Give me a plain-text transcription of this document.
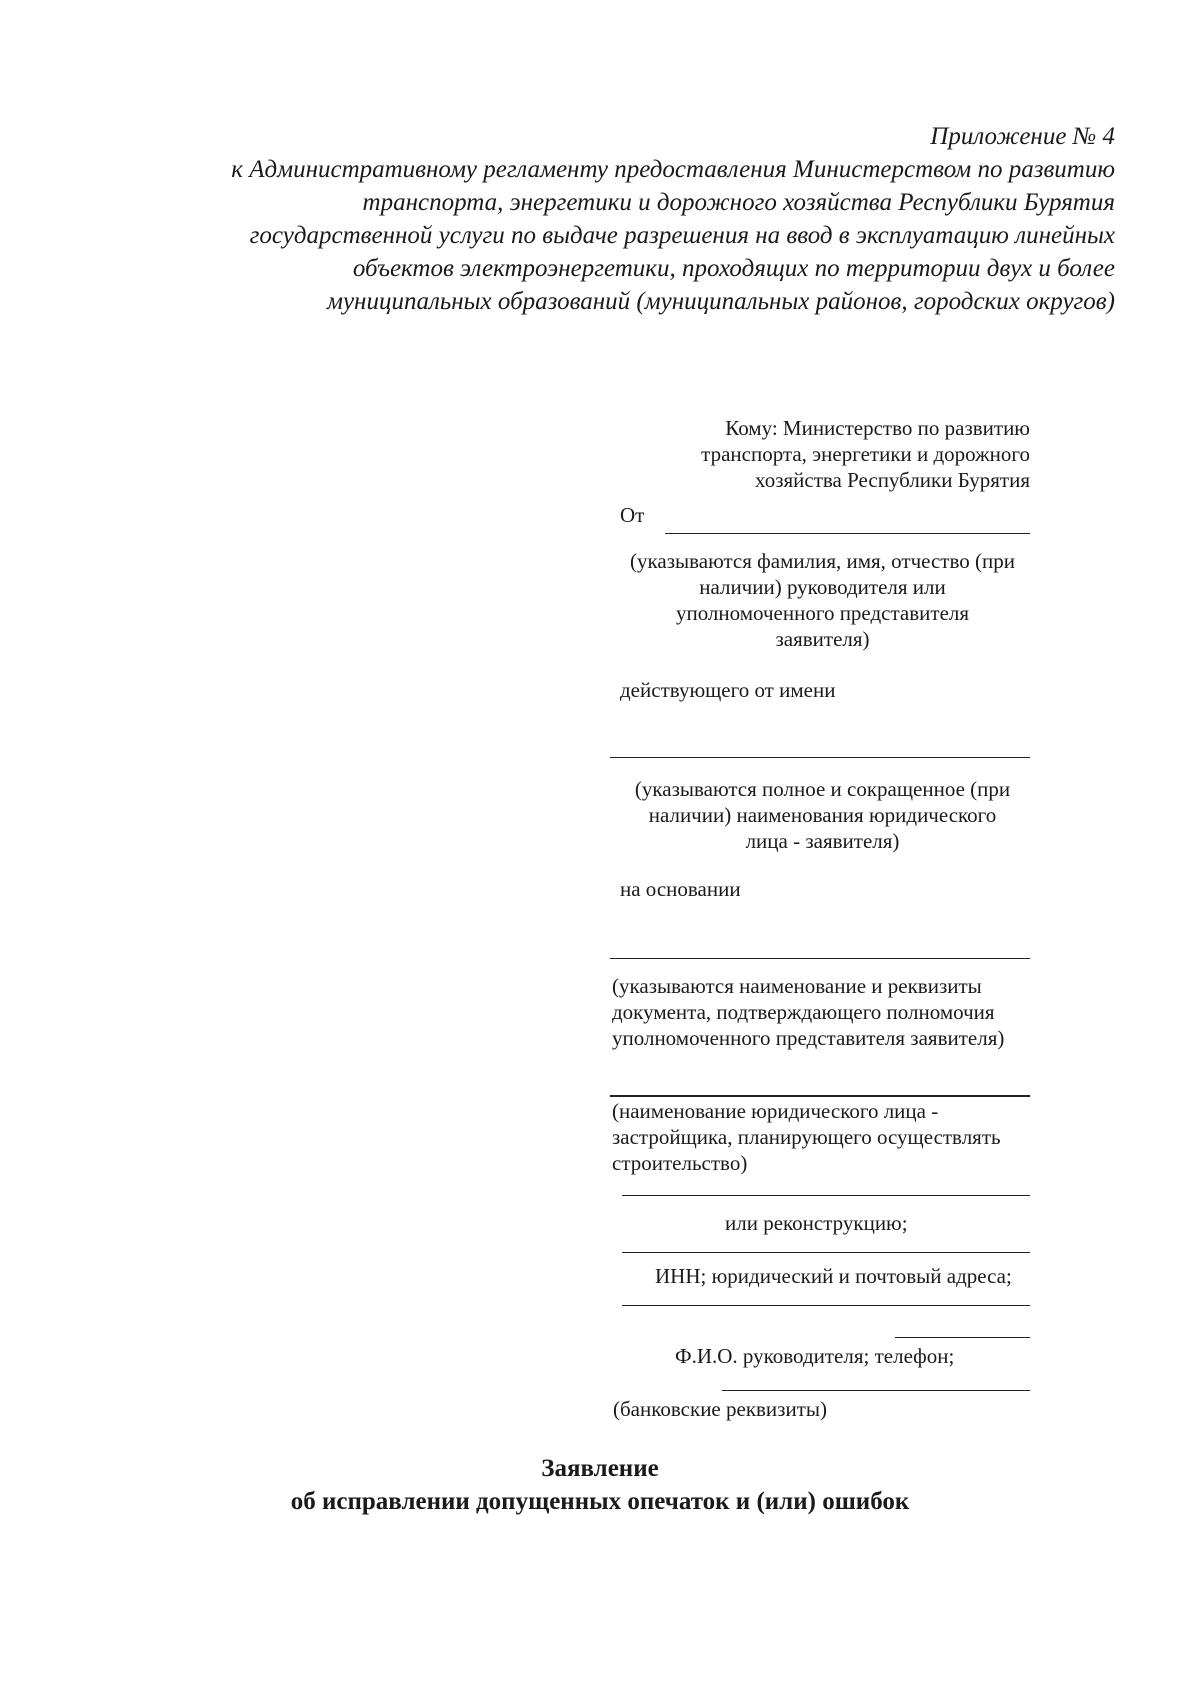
Приложение № 4
к Административному регламенту предоставления Министерством по развитию транспорта, энергетики и дорожного хозяйства Республики Бурятия государственной услуги по выдаче разрешения на ввод в эксплуатацию линейных объектов электроэнергетики, проходящих по территории двух и более муниципальных образований (муниципальных районов, городских округов)
Кому: Министерство по развитию
транспорта, энергетики и дорожного
хозяйства Республики Бурятия
От
(указываются фамилия, имя, отчество (при
наличии) руководителя или
уполномоченного представителя
заявителя)
действующего от имени
(указываются полное и сокращенное (при
наличии) наименования юридического
лица - заявителя)
на основании
(указываются наименование и реквизиты
документа, подтверждающего полномочия
уполномоченного представителя заявителя)
(наименование юридического лица -
застройщика, планирующего осуществлять
строительство)
или реконструкцию;
ИНН; юридический и почтовый адреса;
Ф.И.О. руководителя; телефон;
(банковские реквизиты)
Заявление
об исправлении допущенных опечаток и (или) ошибок
